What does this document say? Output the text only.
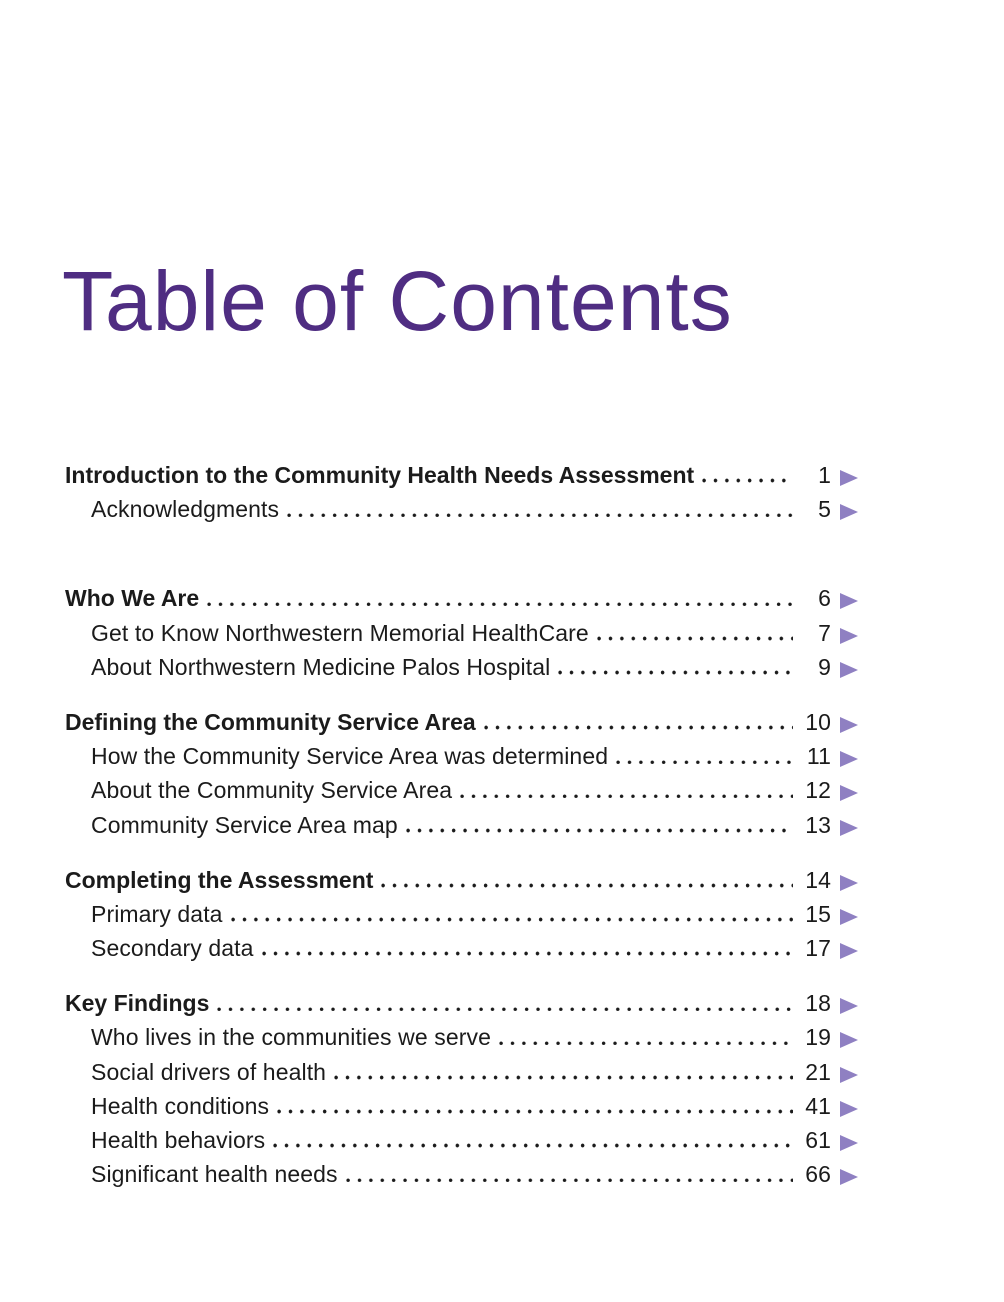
Table of Contents
Introduction to the Community Health Needs Assessment	1
Acknowledgments	5
Who We Are	6
Get to Know Northwestern Memorial HealthCare	7
About Northwestern Medicine Palos Hospital	9
Defining the Community Service Area	10
How the Community Service Area was determined	11
About the Community Service Area	12
Community Service Area map	13
Completing the Assessment	14
Primary data	15
Secondary data	17
Key Findings	18
Who lives in the communities we serve	19
Social drivers of health	21
Health conditions	41
Health behaviors	61
Significant health needs	66
